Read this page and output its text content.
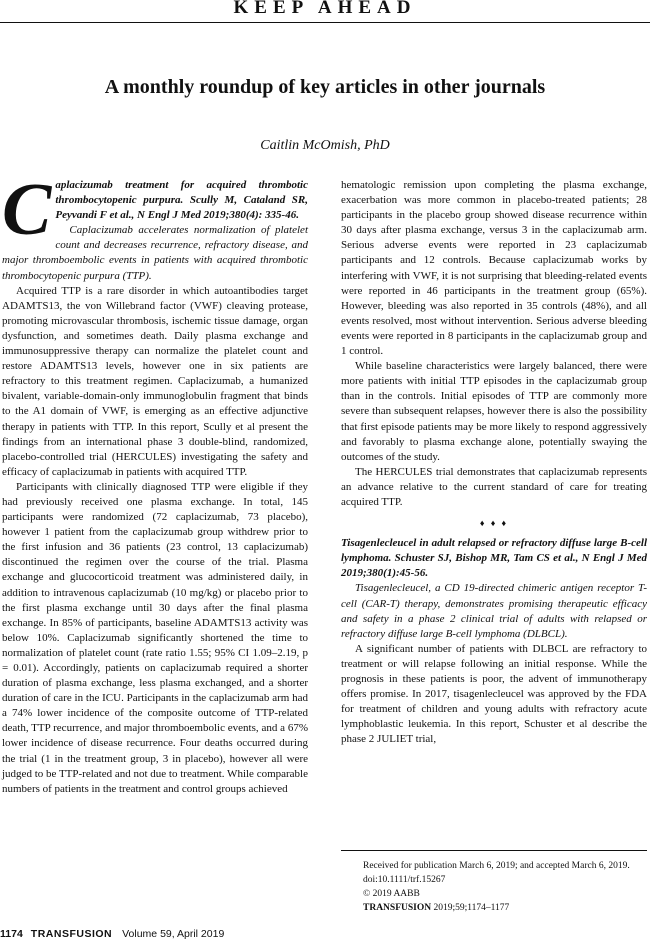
KEEP AHEAD
A monthly roundup of key articles in other journals
Caitlin McOmish, PhD

Caplacizumab treatment for acquired thrombotic thrombocytopenic purpura. Scully M, Cataland SR, Peyvandi F et al., N Engl J Med 2019;380(4): 335-46.

Caplacizumab accelerates normalization of platelet count and decreases recurrence, refractory disease, and major thromboembolic events in patients with acquired thrombotic thrombocytopenic purpura (TTP).

Acquired TTP is a rare disorder in which autoantibodies target ADAMTS13, the von Willebrand factor (VWF) cleaving protease, promoting microvascular thrombosis, ischemic tissue damage, organ dysfunction, and sometimes death. Daily plasma exchange and immunosuppressive therapy can normalize the platelet count and restore ADAMTS13 levels, however one in six patients are refractory to this treatment regimen. Caplacizumab, a humanized bivalent, variable-domain-only immunoglobulin fragment that binds to the A1 domain of VWF, is emerging as an effective adjunctive therapy in patients with TTP. In this report, Scully et al present the findings from an international phase 3 double-blind, randomized, placebo-controlled trial (HERCULES) investigating the safety and efficacy of caplacizumab in patients with acquired TTP.

Participants with clinically diagnosed TTP were eligible if they had previously received one plasma exchange. In total, 145 participants were randomized (72 caplacizumab, 73 placebo), however 1 patient from the caplacizumab group withdrew prior to the first infusion and 36 patients (23 control, 13 caplacizumab) discontinued the regimen over the course of the trial. Plasma exchange and glucocorticoid treatment was administered daily, in addition to intravenous caplacizumab (10 mg/kg) or placebo prior to the first plasma exchange until 30 days after the final plasma exchange. In 85% of participants, baseline ADAMTS13 activity was below 10%. Caplacizumab significantly shortened the time to normalization of platelet count (rate ratio 1.55; 95% CI 1.09–2.19, p = 0.01). Accordingly, patients on caplacizumab required a shorter duration of plasma exchange, less plasma exchanged, and a shorter duration of care in the ICU. Participants in the caplacizumab arm had a 74% lower incidence of the composite outcome of TTP-related death, TTP recurrence, and major thromboembolic events, and a 67% lower incidence of disease recurrence. Four deaths occurred during the trial (1 in the treatment group, 3 in placebo), however all were judged to be TTP-related and not due to treatment. While comparable numbers of patients in the treatment and control groups achieved

hematologic remission upon completing the plasma exchange, exacerbation was more common in placebo-treated patients; 28 participants in the placebo group showed disease recurrence within 30 days after plasma exchange, versus 3 in the caplacizumab arm. Serious adverse events were reported in 23 caplacizumab participants and 12 controls. Because caplacizumab works by interfering with VWF, it is not surprising that bleeding-related events were reported in 46 participants in the treatment group (65%). However, bleeding was also reported in 35 controls (48%), and all events resolved, most without intervention. Serious adverse bleeding events were reported in 8 participants in the caplacizumab group and 1 control.

While baseline characteristics were largely balanced, there were more patients with initial TTP episodes in the caplacizumab group than in the controls. Initial episodes of TTP are commonly more severe than subsequent relapses, however there is also the possibility that first episode patients may be more likely to respond aggressively and favorably to plasma exchange alone, potentially swaying the outcomes of the study.

The HERCULES trial demonstrates that caplacizumab represents an advance relative to the current standard of care for treating acquired TTP.

♦ ♦ ♦

Tisagenlecleucel in adult relapsed or refractory diffuse large B-cell lymphoma. Schuster SJ, Bishop MR, Tam CS et al., N Engl J Med 2019;380(1):45-56.

Tisagenlecleucel, a CD 19-directed chimeric antigen receptor T-cell (CAR-T) therapy, demonstrates promising therapeutic efficacy and safety in a phase 2 clinical trial of adults with relapsed or refractory diffuse large B-cell lymphoma (DLBCL).

A significant number of patients with DLBCL are refractory to treatment or will relapse following an initial response. While the prognosis in these patients is poor, the advent of immunotherapy offers promise. In 2017, tisagenlecleucel was approved by the FDA for treatment of children and young adults with refractory acute lymphoblastic leukemia. In this report, Schuster et al describe the phase 2 JULIET trial,

Received for publication March 6, 2019; and accepted March 6, 2019.
doi:10.1111/trf.15267
© 2019 AABB
TRANSFUSION 2019;59;1174–1177
1174 TRANSFUSION Volume 59, April 2019
